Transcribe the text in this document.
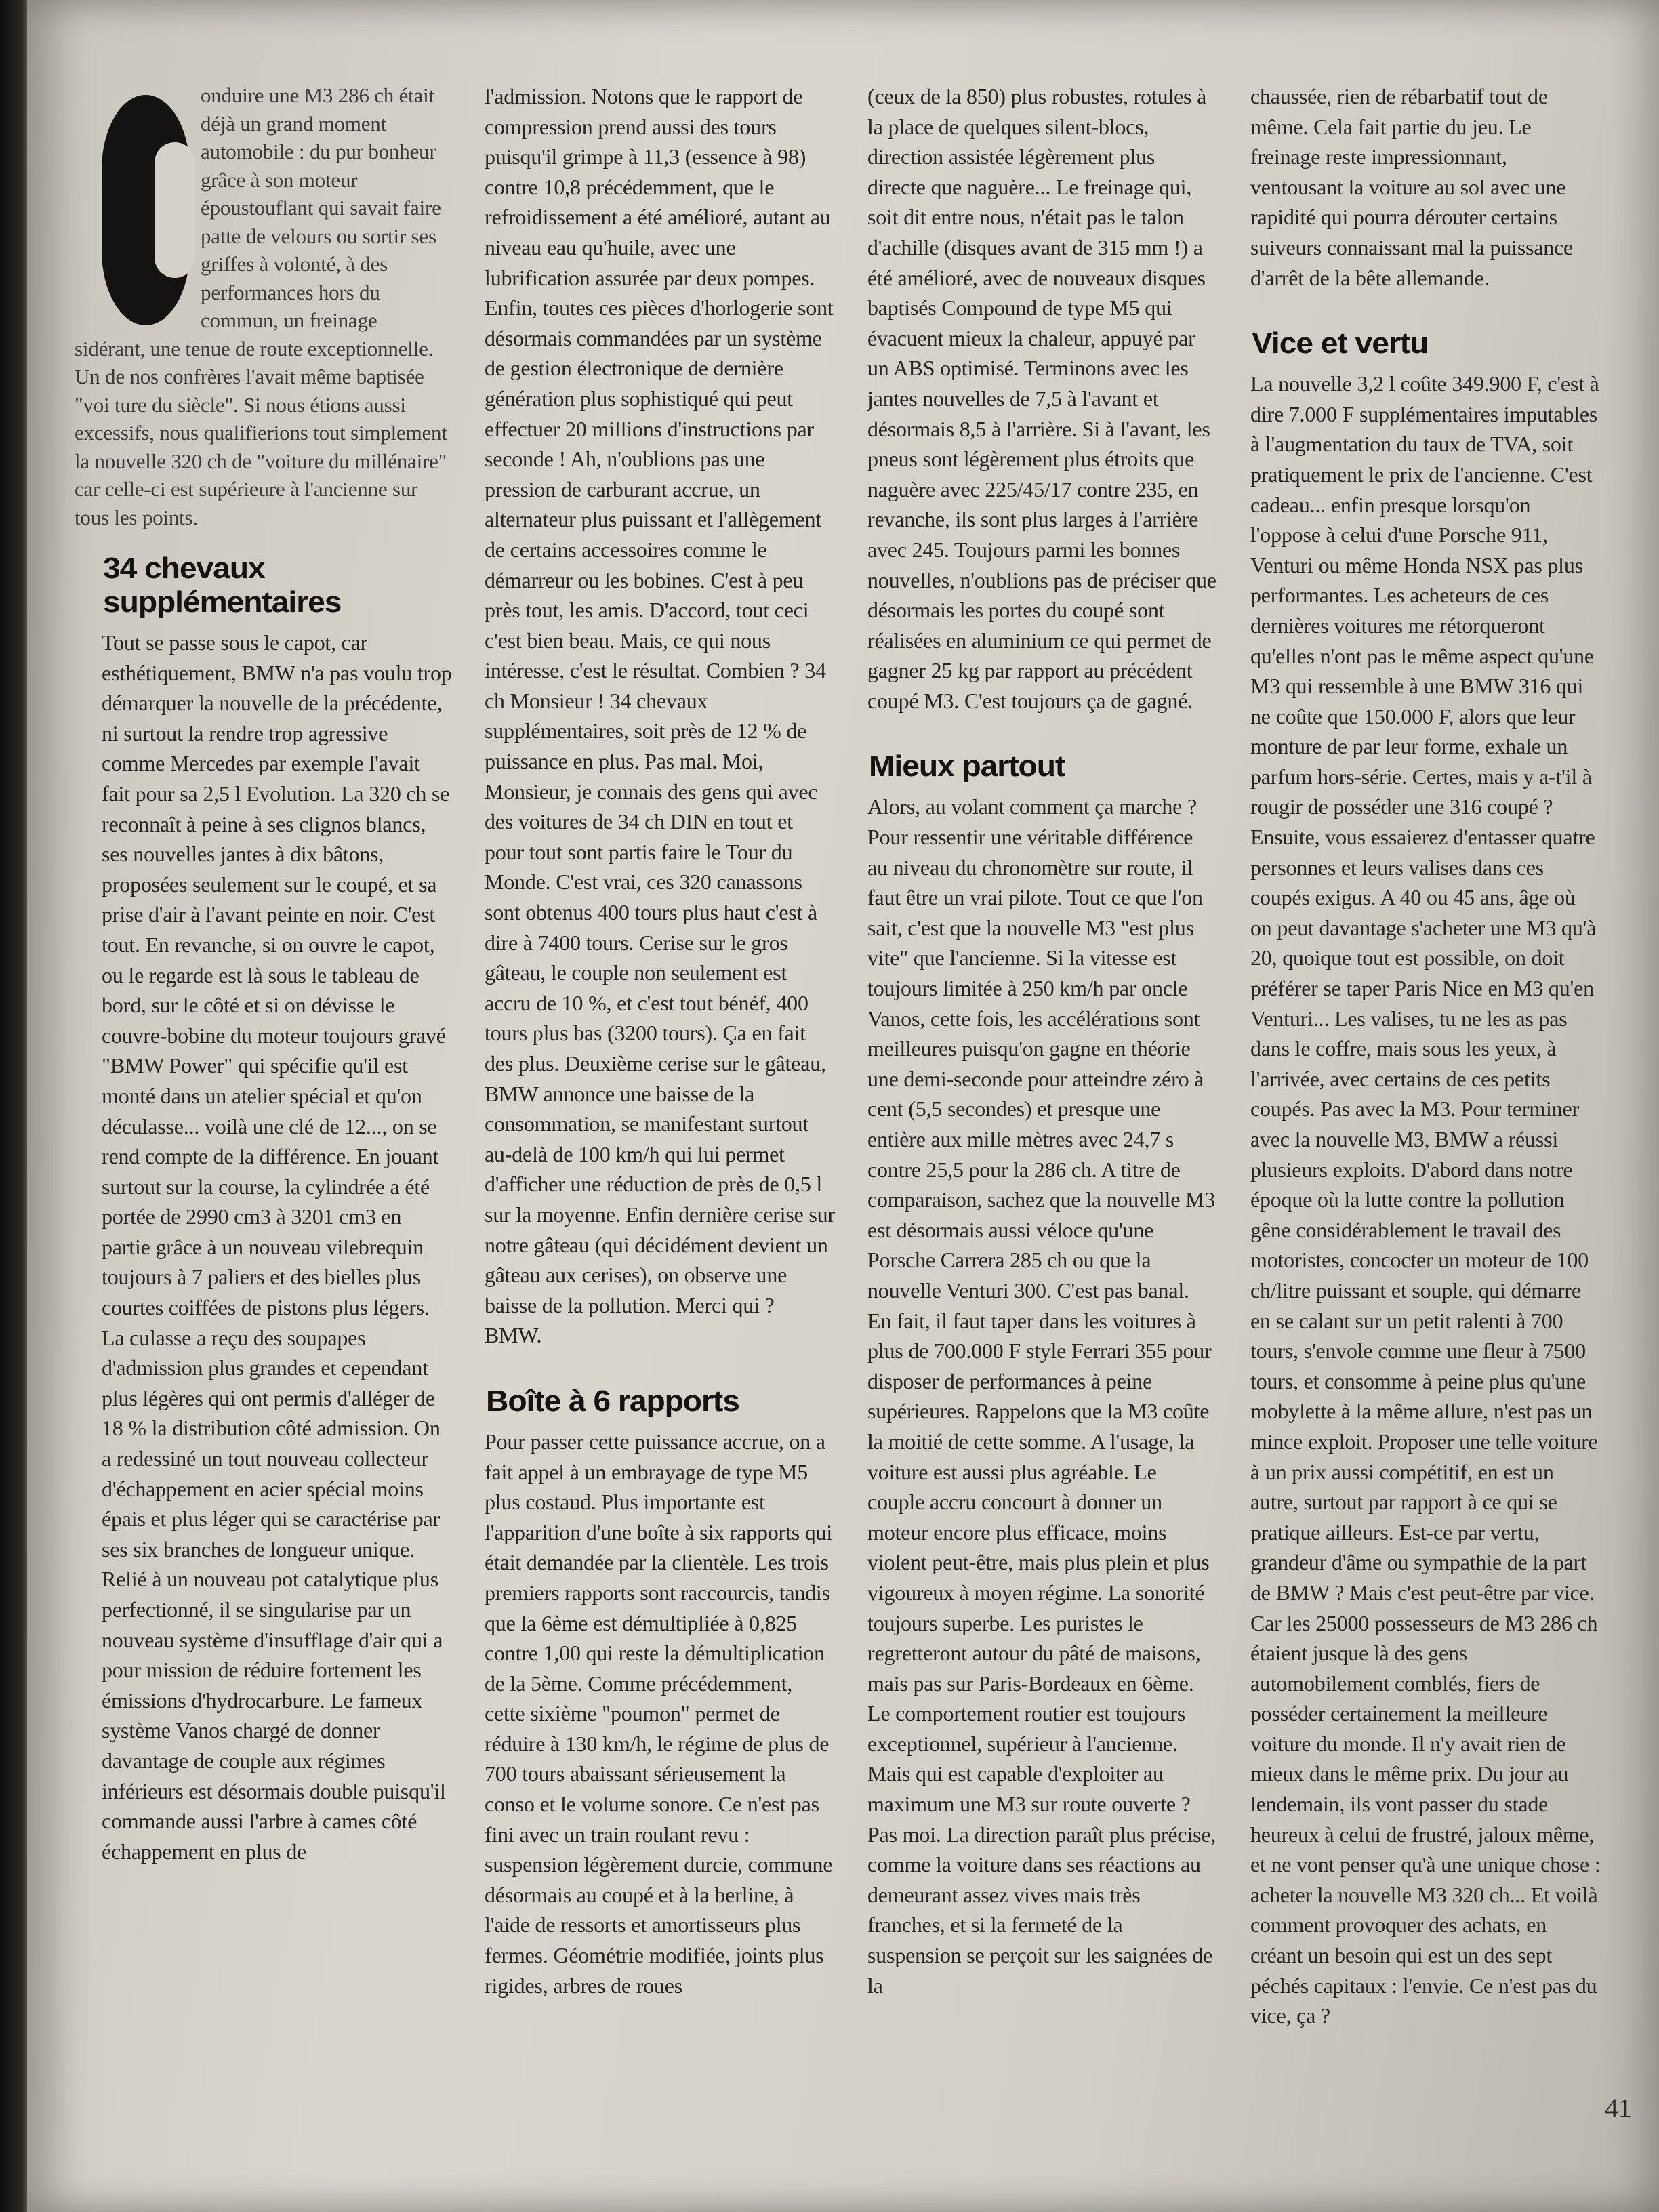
onduire une M3 286 ch était déjà un grand moment automobile : du pur bonheur grâce à son moteur époustouflant qui savait faire patte de velours ou sortir ses griffes à volonté, à des performances hors du commun, un freinage sidérant, une tenue de route exceptionnelle. Un de nos confrères l'avait même baptisée "voi ture du siècle". Si nous étions aussi excessifs, nous qualifierions tout simplement la nouvelle 320 ch de "voiture du millénaire" car celle-ci est supérieure à l'ancienne sur tous les points.

34 chevaux supplémentaires

Tout se passe sous le capot, car esthétiquement, BMW n'a pas voulu trop démarquer la nouvelle de la précédente, ni surtout la rendre trop agressive comme Mercedes par exemple l'avait fait pour sa 2,5 l Evolution. La 320 ch se reconnaît à peine à ses clignos blancs, ses nouvelles jantes à dix bâtons, proposées seulement sur le coupé, et sa prise d'air à l'avant peinte en noir. C'est tout. En revanche, si on ouvre le capot, ou le regarde est là sous le tableau de bord, sur le côté et si on dévisse le couvre-bobine du moteur toujours gravé "BMW Power" qui spécifie qu'il est monté dans un atelier spécial et qu'on déculasse... voilà une clé de 12..., on se rend compte de la différence. En jouant surtout sur la course, la cylindrée a été portée de 2990 cm3 à 3201 cm3 en partie grâce à un nouveau vilebrequin toujours à 7 paliers et des bielles plus courtes coiffées de pistons plus légers. La culasse a reçu des soupapes d'admission plus grandes et cependant plus légères qui ont permis d'alléger de 18 % la distribution côté admission. On a redessiné un tout nouveau collecteur d'échappement en acier spécial moins épais et plus léger qui se caractérise par ses six branches de longueur unique. Relié à un nouveau pot catalytique plus perfectionné, il se singularise par un nouveau système d'insufflage d'air qui a pour mission de réduire fortement les émissions d'hydrocarbure. Le fameux système Vanos chargé de donner davantage de couple aux régimes inférieurs est désormais double puisqu'il commande aussi l'arbre à cames côté échappement en plus de

l'admission. Notons que le rapport de compression prend aussi des tours puisqu'il grimpe à 11,3 (essence à 98) contre 10,8 précédemment, que le refroidissement a été amélioré, autant au niveau eau qu'huile, avec une lubrification assurée par deux pompes. Enfin, toutes ces pièces d'horlogerie sont désormais commandées par un système de gestion électronique de dernière génération plus sophistiqué qui peut effectuer 20 millions d'instructions par seconde ! Ah, n'oublions pas une pression de carburant accrue, un alternateur plus puissant et l'allègement de certains accessoires comme le démarreur ou les bobines. C'est à peu près tout, les amis. D'accord, tout ceci c'est bien beau. Mais, ce qui nous intéresse, c'est le résultat. Combien ? 34 ch Monsieur ! 34 chevaux supplémentaires, soit près de 12 % de puissance en plus. Pas mal. Moi, Monsieur, je connais des gens qui avec des voitures de 34 ch DIN en tout et pour tout sont partis faire le Tour du Monde. C'est vrai, ces 320 canassons sont obtenus 400 tours plus haut c'est à dire à 7400 tours. Cerise sur le gros gâteau, le couple non seulement est accru de 10 %, et c'est tout bénéf, 400 tours plus bas (3200 tours). Ça en fait des plus. Deuxième cerise sur le gâteau, BMW annonce une baisse de la consommation, se manifestant surtout au-delà de 100 km/h qui lui permet d'afficher une réduction de près de 0,5 l sur la moyenne. Enfin dernière cerise sur notre gâteau (qui décidément devient un gâteau aux cerises), on observe une baisse de la pollution. Merci qui ? BMW.

Boîte à 6 rapports

Pour passer cette puissance accrue, on a fait appel à un embrayage de type M5 plus costaud. Plus importante est l'apparition d'une boîte à six rapports qui était demandée par la clientèle. Les trois premiers rapports sont raccourcis, tandis que la 6ème est démultipliée à 0,825 contre 1,00 qui reste la démultiplication de la 5ème. Comme précédemment, cette sixième "poumon" permet de réduire à 130 km/h, le régime de plus de 700 tours abaissant sérieusement la conso et le volume sonore. Ce n'est pas fini avec un train roulant revu : suspension légèrement durcie, commune désormais au coupé et à la berline, à l'aide de ressorts et amortisseurs plus fermes. Géométrie modifiée, joints plus rigides, arbres de roues

(ceux de la 850) plus robustes, rotules à la place de quelques silent-blocs, direction assistée légèrement plus directe que naguère... Le freinage qui, soit dit entre nous, n'était pas le talon d'achille (disques avant de 315 mm !) a été amélioré, avec de nouveaux disques baptisés Compound de type M5 qui évacuent mieux la chaleur, appuyé par un ABS optimisé. Terminons avec les jantes nouvelles de 7,5 à l'avant et désormais 8,5 à l'arrière. Si à l'avant, les pneus sont légèrement plus étroits que naguère avec 225/45/17 contre 235, en revanche, ils sont plus larges à l'arrière avec 245. Toujours parmi les bonnes nouvelles, n'oublions pas de préciser que désormais les portes du coupé sont réalisées en aluminium ce qui permet de gagner 25 kg par rapport au précédent coupé M3. C'est toujours ça de gagné.

Mieux partout

Alors, au volant comment ça marche ? Pour ressentir une véritable différence au niveau du chronomètre sur route, il faut être un vrai pilote. Tout ce que l'on sait, c'est que la nouvelle M3 "est plus vite" que l'ancienne. Si la vitesse est toujours limitée à 250 km/h par oncle Vanos, cette fois, les accélérations sont meilleures puisqu'on gagne en théorie une demi-seconde pour atteindre zéro à cent (5,5 secondes) et presque une entière aux mille mètres avec 24,7 s contre 25,5 pour la 286 ch. A titre de comparaison, sachez que la nouvelle M3 est désormais aussi véloce qu'une Porsche Carrera 285 ch ou que la nouvelle Venturi 300. C'est pas banal. En fait, il faut taper dans les voitures à plus de 700.000 F style Ferrari 355 pour disposer de performances à peine supérieures. Rappelons que la M3 coûte la moitié de cette somme. A l'usage, la voiture est aussi plus agréable. Le couple accru concourt à donner un moteur encore plus efficace, moins violent peut-être, mais plus plein et plus vigoureux à moyen régime. La sonorité toujours superbe. Les puristes le regretteront autour du pâté de maisons, mais pas sur Paris-Bordeaux en 6ème. Le comportement routier est toujours exceptionnel, supérieur à l'ancienne. Mais qui est capable d'exploiter au maximum une M3 sur route ouverte ? Pas moi. La direction paraît plus précise, comme la voiture dans ses réactions au demeurant assez vives mais très franches, et si la fermeté de la suspension se perçoit sur les saignées de la

chaussée, rien de rébarbatif tout de même. Cela fait partie du jeu. Le freinage reste impressionnant, ventousant la voiture au sol avec une rapidité qui pourra dérouter certains suiveurs connaissant mal la puissance d'arrêt de la bête allemande.

Vice et vertu

La nouvelle 3,2 l coûte 349.900 F, c'est à dire 7.000 F supplémentaires imputables à l'augmentation du taux de TVA, soit pratiquement le prix de l'ancienne. C'est cadeau... enfin presque lorsqu'on l'oppose à celui d'une Porsche 911, Venturi ou même Honda NSX pas plus performantes. Les acheteurs de ces dernières voitures me rétorqueront qu'elles n'ont pas le même aspect qu'une M3 qui ressemble à une BMW 316 qui ne coûte que 150.000 F, alors que leur monture de par leur forme, exhale un parfum hors-série. Certes, mais y a-t'il à rougir de posséder une 316 coupé ? Ensuite, vous essaierez d'entasser quatre personnes et leurs valises dans ces coupés exigus. A 40 ou 45 ans, âge où on peut davantage s'acheter une M3 qu'à 20, quoique tout est possible, on doit préférer se taper Paris Nice en M3 qu'en Venturi... Les valises, tu ne les as pas dans le coffre, mais sous les yeux, à l'arrivée, avec certains de ces petits coupés. Pas avec la M3. Pour terminer avec la nouvelle M3, BMW a réussi plusieurs exploits. D'abord dans notre époque où la lutte contre la pollution gêne considérablement le travail des motoristes, concocter un moteur de 100 ch/litre puissant et souple, qui démarre en se calant sur un petit ralenti à 700 tours, s'envole comme une fleur à 7500 tours, et consomme à peine plus qu'une mobylette à la même allure, n'est pas un mince exploit. Proposer une telle voiture à un prix aussi compétitif, en est un autre, surtout par rapport à ce qui se pratique ailleurs. Est-ce par vertu, grandeur d'âme ou sympathie de la part de BMW ? Mais c'est peut-être par vice. Car les 25000 possesseurs de M3 286 ch étaient jusque là des gens automobilement comblés, fiers de posséder certainement la meilleure voiture du monde. Il n'y avait rien de mieux dans le même prix. Du jour au lendemain, ils vont passer du stade heureux à celui de frustré, jaloux même, et ne vont penser qu'à une unique chose : acheter la nouvelle M3 320 ch... Et voilà comment provoquer des achats, en créant un besoin qui est un des sept péchés capitaux : l'envie. Ce n'est pas du vice, ça ?

41
